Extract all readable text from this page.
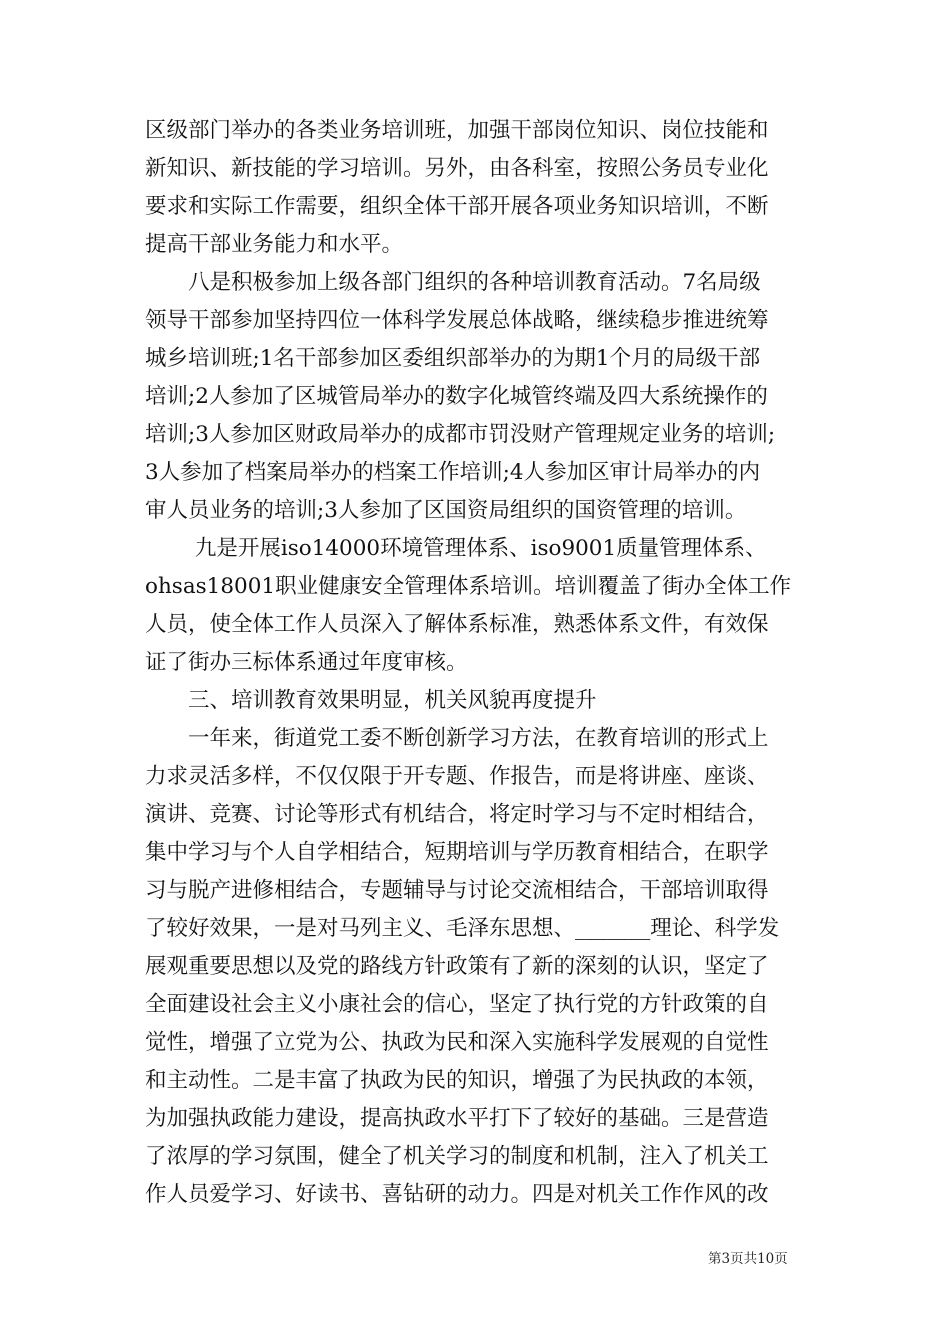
区级部门举办的各类业务培训班，加强干部岗位知识、岗位技能和
新知识、新技能的学习培训。另外，由各科室，按照公务员专业化
要求和实际工作需要，组织全体干部开展各项业务知识培训，不断
提高干部业务能力和水平。
　　八是积极参加上级各部门组织的各种培训教育活动。7名局级
领导干部参加坚持四位一体科学发展总体战略，继续稳步推进统筹
城乡培训班;1名干部参加区委组织部举办的为期1个月的局级干部
培训;2人参加了区城管局举办的数字化城管终端及四大系统操作的
培训;3人参加区财政局举办的成都市罚没财产管理规定业务的培训;
3人参加了档案局举办的档案工作培训;4人参加区审计局举办的内
审人员业务的培训;3人参加了区国资局组织的国资管理的培训。
　　 九是开展iso14000环境管理体系、iso9001质量管理体系、
ohsas18001职业健康安全管理体系培训。培训覆盖了街办全体工作
人员，使全体工作人员深入了解体系标准，熟悉体系文件，有效保
证了街办三标体系通过年度审核。
　　三、培训教育效果明显，机关风貌再度提升
　　一年来，街道党工委不断创新学习方法，在教育培训的形式上
力求灵活多样，不仅仅限于开专题、作报告，而是将讲座、座谈、
演讲、竞赛、讨论等形式有机结合，将定时学习与不定时相结合，
集中学习与个人自学相结合，短期培训与学历教育相结合，在职学
习与脱产进修相结合，专题辅导与讨论交流相结合，干部培训取得
了较好效果，一是对马列主义、毛泽东思想、_______理论、科学发
展观重要思想以及党的路线方针政策有了新的深刻的认识，坚定了
全面建设社会主义小康社会的信心，坚定了执行党的方针政策的自
觉性，增强了立党为公、执政为民和深入实施科学发展观的自觉性
和主动性。二是丰富了执政为民的知识，增强了为民执政的本领，
为加强执政能力建设，提高执政水平打下了较好的基础。三是营造
了浓厚的学习氛围，健全了机关学习的制度和机制，注入了机关工
作人员爱学习、好读书、喜钻研的动力。四是对机关工作作风的改
第3页共10页
